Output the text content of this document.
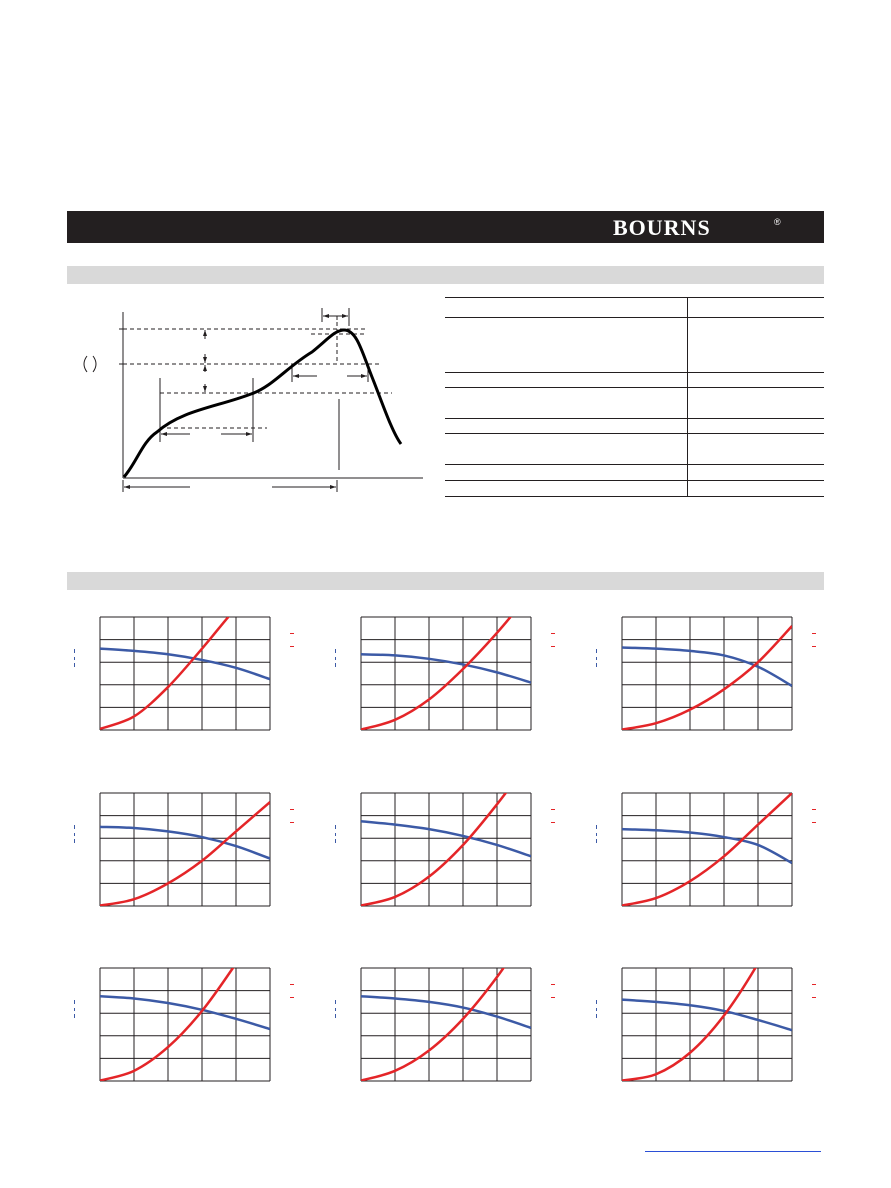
BOURNS	®
